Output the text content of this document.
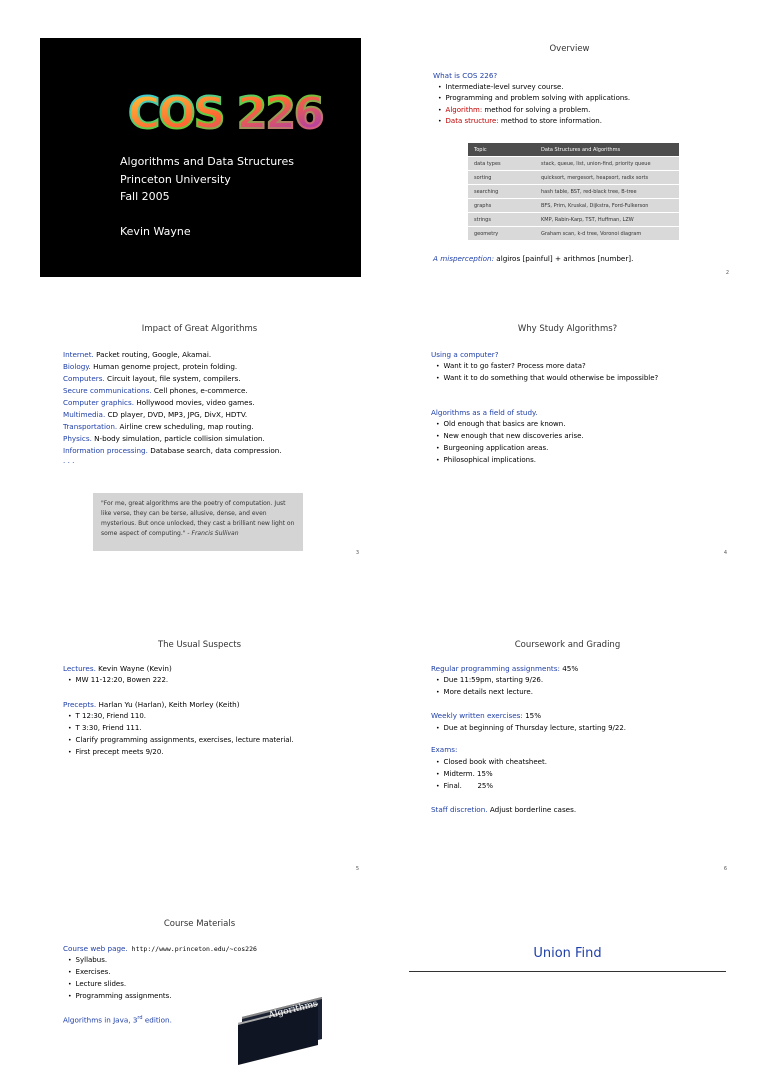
COS 226
Algorithms and Data Structures
Princeton University
Fall 2005
Kevin Wayne
Overview
What is COS 226?
• Intermediate-level survey course.
• Programming and problem solving with applications.
• Algorithm: method for solving a problem.
• Data structure: method to store information.
Topic	Data Structures and Algorithms
data types	stack, queue, list, union-find, priority queue
sorting	quicksort, mergesort, heapsort, radix sorts
searching	hash table, BST, red-black tree, B-tree
graphs	BFS, Prim, Kruskal, Dijkstra, Ford-Fulkerson
strings	KMP, Rabin-Karp, TST, Huffman, LZW
geometry	Graham scan, k-d tree, Voronoi diagram
A misperception: algiros [painful] + arithmos [number].
2
Impact of Great Algorithms
Internet. Packet routing, Google, Akamai.
Biology. Human genome project, protein folding.
Computers. Circuit layout, file system, compilers.
Secure communications. Cell phones, e-commerce.
Computer graphics. Hollywood movies, video games.
Multimedia. CD player, DVD, MP3, JPG, DivX, HDTV.
Transportation. Airline crew scheduling, map routing.
Physics. N-body simulation, particle collision simulation.
Information processing. Database search, data compression.
. . .
"For me, great algorithms are the poetry of computation. Just like verse, they can be terse, allusive, dense, and even mysterious. But once unlocked, they cast a brilliant new light on some aspect of computing." - Francis Sullivan
3
Why Study Algorithms?
Using a computer?
• Want it to go faster? Process more data?
• Want it to do something that would otherwise be impossible?
Algorithms as a field of study.
• Old enough that basics are known.
• New enough that new discoveries arise.
• Burgeoning application areas.
• Philosophical implications.
4
The Usual Suspects
Lectures. Kevin Wayne (Kevin)
• MW 11-12:20, Bowen 222.
Precepts. Harlan Yu (Harlan), Keith Morley (Keith)
• T 12:30, Friend 110.
• T 3:30, Friend 111.
• Clarify programming assignments, exercises, lecture material.
• First precept meets 9/20.
5
Coursework and Grading
Regular programming assignments: 45%
• Due 11:59pm, starting 9/26.
• More details next lecture.
Weekly written exercises: 15%
• Due at beginning of Thursday lecture, starting 9/22.
Exams:
• Closed book with cheatsheet.
• Midterm. 15%
• Final.       25%
Staff discretion. Adjust borderline cases.
6
Course Materials
Course web page. http://www.princeton.edu/~cos226
• Syllabus.
• Exercises.
• Lecture slides.
• Programming assignments.
Algorithms in Java, 3rd edition.	Algorithms
Union Find
